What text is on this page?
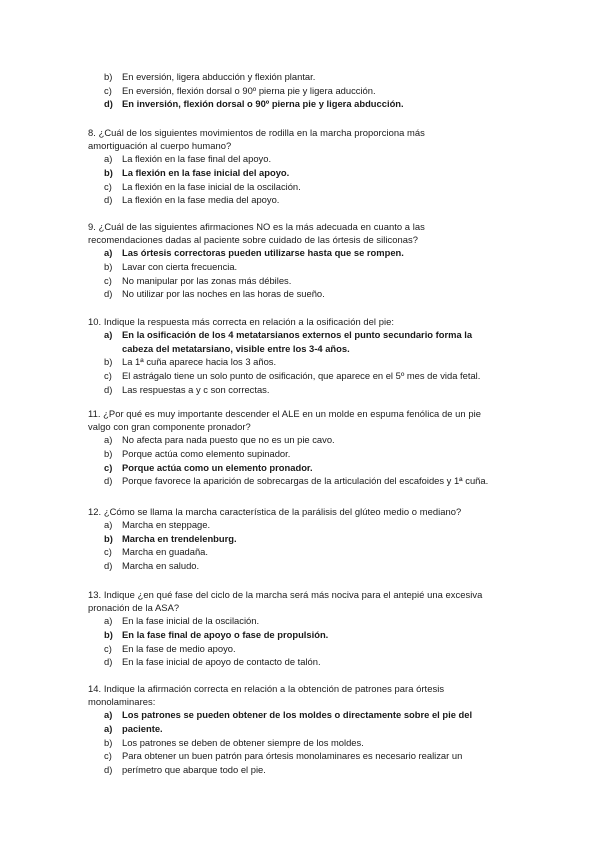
b)	En eversión, ligera abducción y flexión plantar.
c)	En eversión, flexión dorsal o 90º pierna pie y ligera aducción.
d) En inversión, flexión dorsal o 90º pierna pie y ligera abducción.
8. ¿Cuál de los siguientes movimientos de rodilla en la marcha proporciona más
amortiguación al cuerpo humano?
a)	La flexión en la fase final del apoyo.
b) La flexión en la fase inicial del apoyo.
c)	La flexión en la fase inicial de la oscilación.
d)	La flexión en la fase media del apoyo.
9. ¿Cuál de las siguientes afirmaciones NO es la más adecuada en cuanto a las
recomendaciones dadas al paciente sobre cuidado de las órtesis de siliconas?
a)	Las órtesis correctoras pueden utilizarse hasta que se rompen.
b)	Lavar con cierta frecuencia.
c)	No manipular por las zonas más débiles.
d)	No utilizar por las noches en las horas de sueño.
10. Indique la respuesta más correcta en relación a la osificación del pie:
a)	En la osificación de los 4 metatarsianos externos el punto secundario forma la
cabeza del metatarsiano, visible entre los 3-4 años.
b)	La 1ª cuña aparece hacia los 3 años.
c)	El astrágalo tiene un solo punto de osificación, que aparece en el 5º mes de vida fetal.
d)	Las respuestas a y c son correctas.
11. ¿Por qué es muy importante descender el ALE en un molde en espuma fenólica de un pie
valgo con gran componente pronador?
a)	No afecta para nada puesto que no es un pie cavo.
b)	Porque actúa como elemento supinador.
c)	Porque actúa como un elemento pronador.
d)	Porque favorece la aparición de sobrecargas de la articulación del escafoides y 1ª cuña.
12. ¿Cómo se llama la marcha característica de la parálisis del glúteo medio o mediano?
a)	Marcha en steppage.
b) Marcha en trendelenburg.
c)	Marcha en guadaña.
d)	Marcha en saludo.
13. Indique ¿en qué fase del ciclo de la marcha será más nociva para el antepié una excesiva
pronación de la ASA?
a)	En la fase inicial de la oscilación.
b) En la fase final de apoyo o fase de propulsión.
c)	En la fase de medio apoyo.
d)	En la fase inicial de apoyo de contacto de talón.
14. Indique la afirmación correcta en relación a la obtención de patrones para órtesis
monolaminares:
a)	Los patrones se pueden obtener de los moldes o directamente sobre el pie del
a)	paciente.
b)	Los patrones se deben de obtener siempre de los moldes.
c)	Para obtener un buen patrón para órtesis monolaminares es necesario realizar un
d)	perímetro que abarque todo el pie.
